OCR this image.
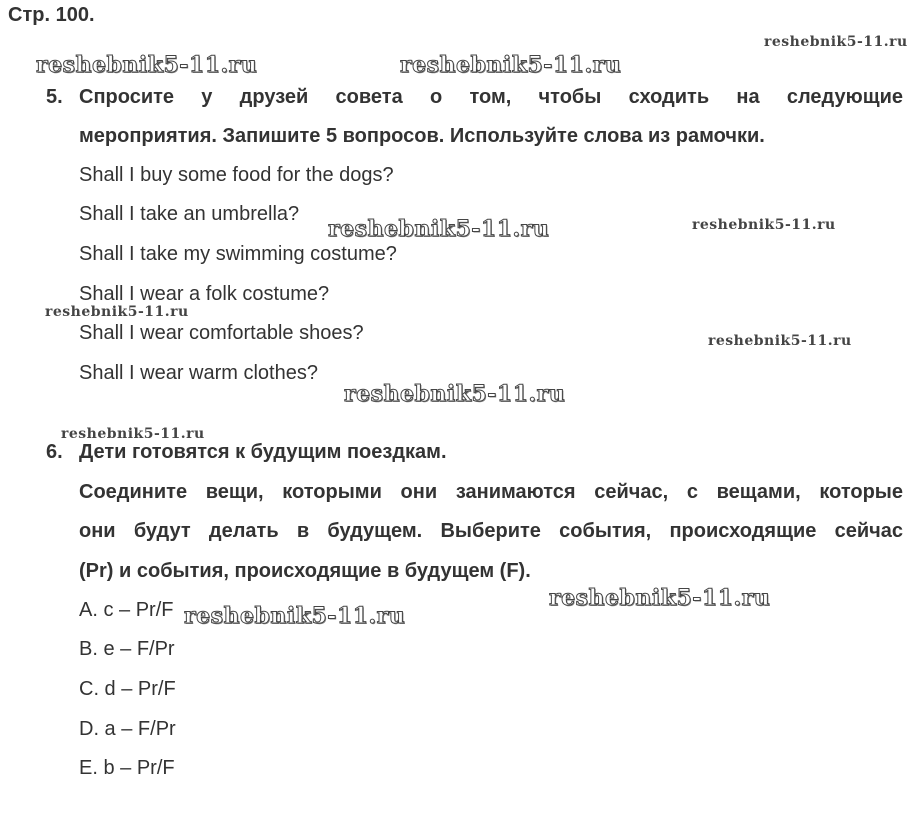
Стр. 100.
5. Спросите у друзей совета о том, чтобы сходить на следующие
мероприятия. Запишите 5 вопросов. Используйте слова из рамочки.
Shall I buy some food for the dogs?
Shall I take an umbrella?
Shall I take my swimming costume?
Shall I wear a folk costume?
Shall I wear comfortable shoes?
Shall I wear warm clothes?
6. Дети готовятся к будущим поездкам.
Соедините вещи, которыми они занимаются сейчас, с вещами, которые
они будут делать в будущем. Выберите события, происходящие сейчас
(Pr) и события, происходящие в будущем (F).
A. c – Pr/F
B. e – F/Pr
C. d – Pr/F
D. a – F/Pr
E. b – Pr/F
reshebnik5-11.ru
reshebnik5-11.ru	reshebnik5-11.ru
reshebnik5-11.ru	reshebnik5-11.ru
reshebnik5-11.ru
reshebnik5-11.ru
reshebnik5-11.ru
reshebnik5-11.ru
reshebnik5-11.ru
reshebnik5-11.ru
